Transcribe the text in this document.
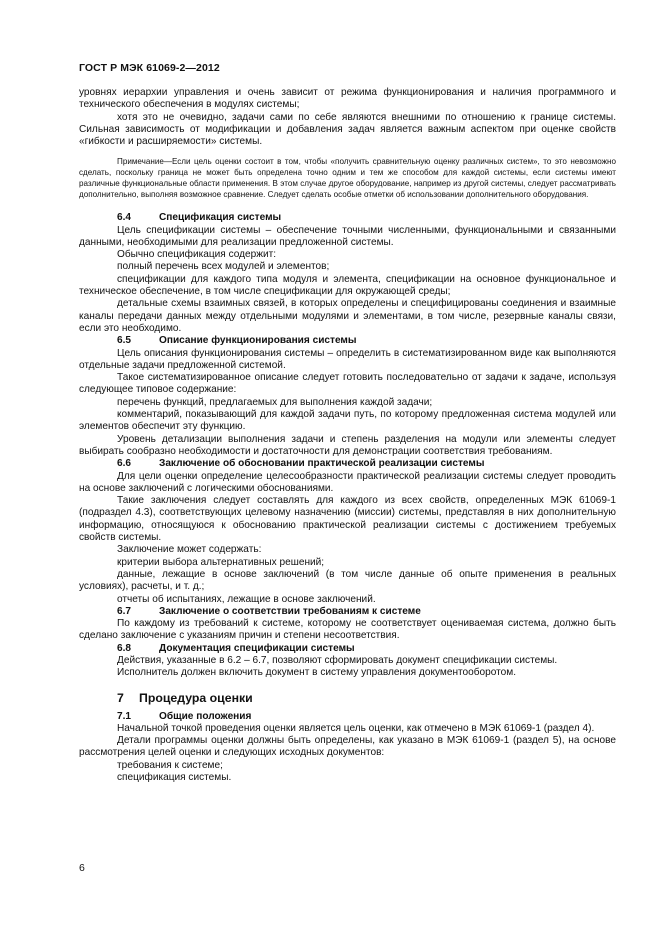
ГОСТ Р МЭК 61069-2—2012

уровнях иерархии управления и очень зависит от режима функционирования и наличия программного и технического обеспечения в модулях системы;

хотя это не очевидно, задачи сами по себе являются внешними по отношению к границе системы. Сильная зависимость от модификации и добавления задач является важным аспектом при оценке свойств «гибкости и расширяемости» системы.

Примечание—Если цель оценки состоит в том, чтобы «получить сравнительную оценку различных систем», то это невозможно сделать, поскольку граница не может быть определена точно одним и тем же способом для каждой системы, если системы имеют различные функциональные области применения. В этом случае другое оборудование, например из другой системы, следует рассматривать дополнительно, выполняя возможное сравнение. Следует сделать особые отметки об использовании дополнительного оборудования.

6.4	Спецификация системы

Цель спецификации системы – обеспечение точными численными, функциональными и связанными данными, необходимыми для реализации предложенной системы.

Обычно спецификация содержит:

полный перечень всех модулей и элементов;

спецификации для каждого типа модуля и элемента, спецификации на основное функциональное и техническое обеспечение, в том числе спецификации для окружающей среды;

детальные схемы взаимных связей, в которых определены и специфицированы соединения и взаимные каналы передачи данных между отдельными модулями и элементами, в том числе, резервные каналы связи, если это необходимо.

6.5	Описание функционирования системы

Цель описания функционирования системы – определить в систематизированном виде как выполняются отдельные задачи предложенной системой.

Такое систематизированное описание следует готовить последовательно от задачи к задаче, используя следующее типовое содержание:

перечень функций, предлагаемых для выполнения каждой задачи;

комментарий, показывающий для каждой задачи путь, по которому предложенная система модулей или элементов обеспечит эту функцию.

Уровень детализации выполнения задачи и степень разделения на модули или элементы следует выбирать сообразно необходимости и достаточности для демонстрации соответствия требованиям.

6.6	Заключение об обосновании практической реализации системы

Для цели оценки определение целесообразности практической реализации системы следует проводить на основе заключений с логическими обоснованиями.

Такие заключения следует составлять для каждого из всех свойств, определенных МЭК 61069-1 (подраздел 4.3), соответствующих целевому назначению (миссии) системы, представляя в них дополнительную информацию, относящуюся к обоснованию практической реализации системы с достижением требуемых свойств системы.

Заключение может содержать:

критерии выбора альтернативных решений;

данные, лежащие в основе заключений (в том числе данные об опыте применения в реальных условиях), расчеты, и т. д.;

отчеты об испытаниях, лежащие в основе заключений.

6.7	Заключение о соответствии требованиям к системе

По каждому из требований к системе, которому не соответствует оцениваемая система, должно быть сделано заключение с указаниям причин и степени несоответствия.

6.8	Документация спецификации системы

Действия, указанные в 6.2 – 6.7, позволяют сформировать документ спецификации системы.

Исполнитель должен включить документ в систему управления документооборотом.

7 Процедура оценки

7.1	Общие положения

Начальной точкой проведения оценки является цель оценки, как отмечено в МЭК 61069-1 (раздел 4).

Детали программы оценки должны быть определены, как указано в МЭК 61069-1 (раздел 5), на основе рассмотрения целей оценки и следующих исходных документов:

требования к системе;

спецификация системы.

6
